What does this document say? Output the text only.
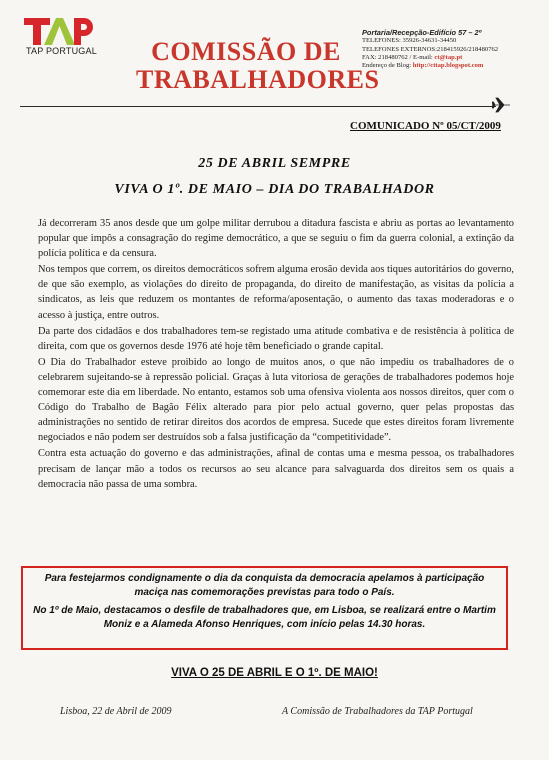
TAP PORTUGAL	COMISSÃO DE
TRABALHADORES
Portaria/Recepção-Edifício 57 – 2º
TELEFONES: 35926-34631-34450
TELEFONES EXTERNOS:218415926/218480762
FAX: 218480762 / E-mail: ct@tap.pt
Endereço de Blog: http://cttap.blogspot.com
COMUNICADO Nº 05/CT/2009
25 DE ABRIL SEMPRE
VIVA O 1º. DE MAIO – DIA DO TRABALHADOR

Já decorreram 35 anos desde que um golpe militar derrubou a ditadura fascista e abriu as portas ao levantamento popular que impôs a consagração do regime democrático, a que se seguiu o fim da guerra colonial, a extinção da polícia política e da censura.

Nos tempos que correm, os direitos democráticos sofrem alguma erosão devida aos tiques autoritários do governo, de que são exemplo, as violações do direito de propaganda, do direito de manifestação, as visitas da polícia a sindicatos, as leis que reduzem os montantes de reforma/aposentação, o aumento das taxas moderadoras e o acesso à justiça, entre outros.

Da parte dos cidadãos e dos trabalhadores tem-se registado uma atitude combativa e de resistência à política de direita, com que os governos desde 1976 até hoje têm beneficiado o grande capital.

O Dia do Trabalhador esteve proibido ao longo de muitos anos, o que não impediu os trabalhadores de o celebrarem sujeitando-se à repressão policial. Graças à luta vitoriosa de gerações de trabalhadores podemos hoje comemorar este dia em liberdade. No entanto, estamos sob uma ofensiva violenta aos nossos direitos, quer com o Código do Trabalho de Bagão Félix alterado para pior pelo actual governo, quer pelas propostas das administrações no sentido de retirar direitos dos acordos de empresa. Sucede que estes direitos foram livremente negociados e não podem ser destruídos sob a falsa justificação da “competitividade”.

Contra esta actuação do governo e das administrações, afinal de contas uma e mesma pessoa, os trabalhadores precisam de lançar mão a todos os recursos ao seu alcance para salvaguarda dos direitos sem os quais a democracia não passa de uma sombra.

Para festejarmos condignamente o dia da conquista da democracia apelamos à participação maciça nas comemorações previstas para todo o País.

No 1º de Maio, destacamos o desfile de trabalhadores que, em Lisboa, se realizará entre o Martim Moniz e a Alameda Afonso Henriques, com início pelas 14.30 horas.

VIVA O 25 DE ABRIL E O 1º. DE MAIO!
Lisboa, 22 de Abril de 2009	A Comissão de Trabalhadores da TAP Portugal
